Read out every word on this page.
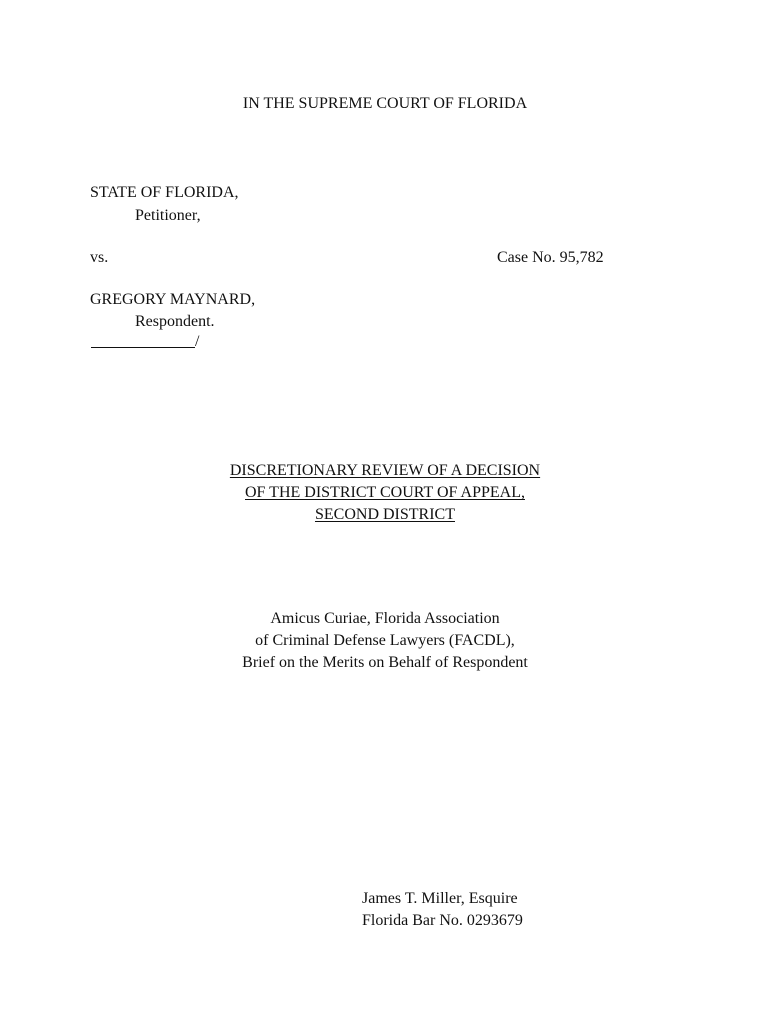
IN THE SUPREME COURT OF FLORIDA
STATE OF FLORIDA,
Petitioner,
vs.	Case No. 95,782
GREGORY MAYNARD,
Respondent.
/
DISCRETIONARY REVIEW OF A DECISION
OF THE DISTRICT COURT OF APPEAL,
SECOND DISTRICT
Amicus Curiae, Florida Association
of Criminal Defense Lawyers (FACDL),
Brief on the Merits on Behalf of Respondent
James T. Miller, Esquire
Florida Bar No. 0293679
